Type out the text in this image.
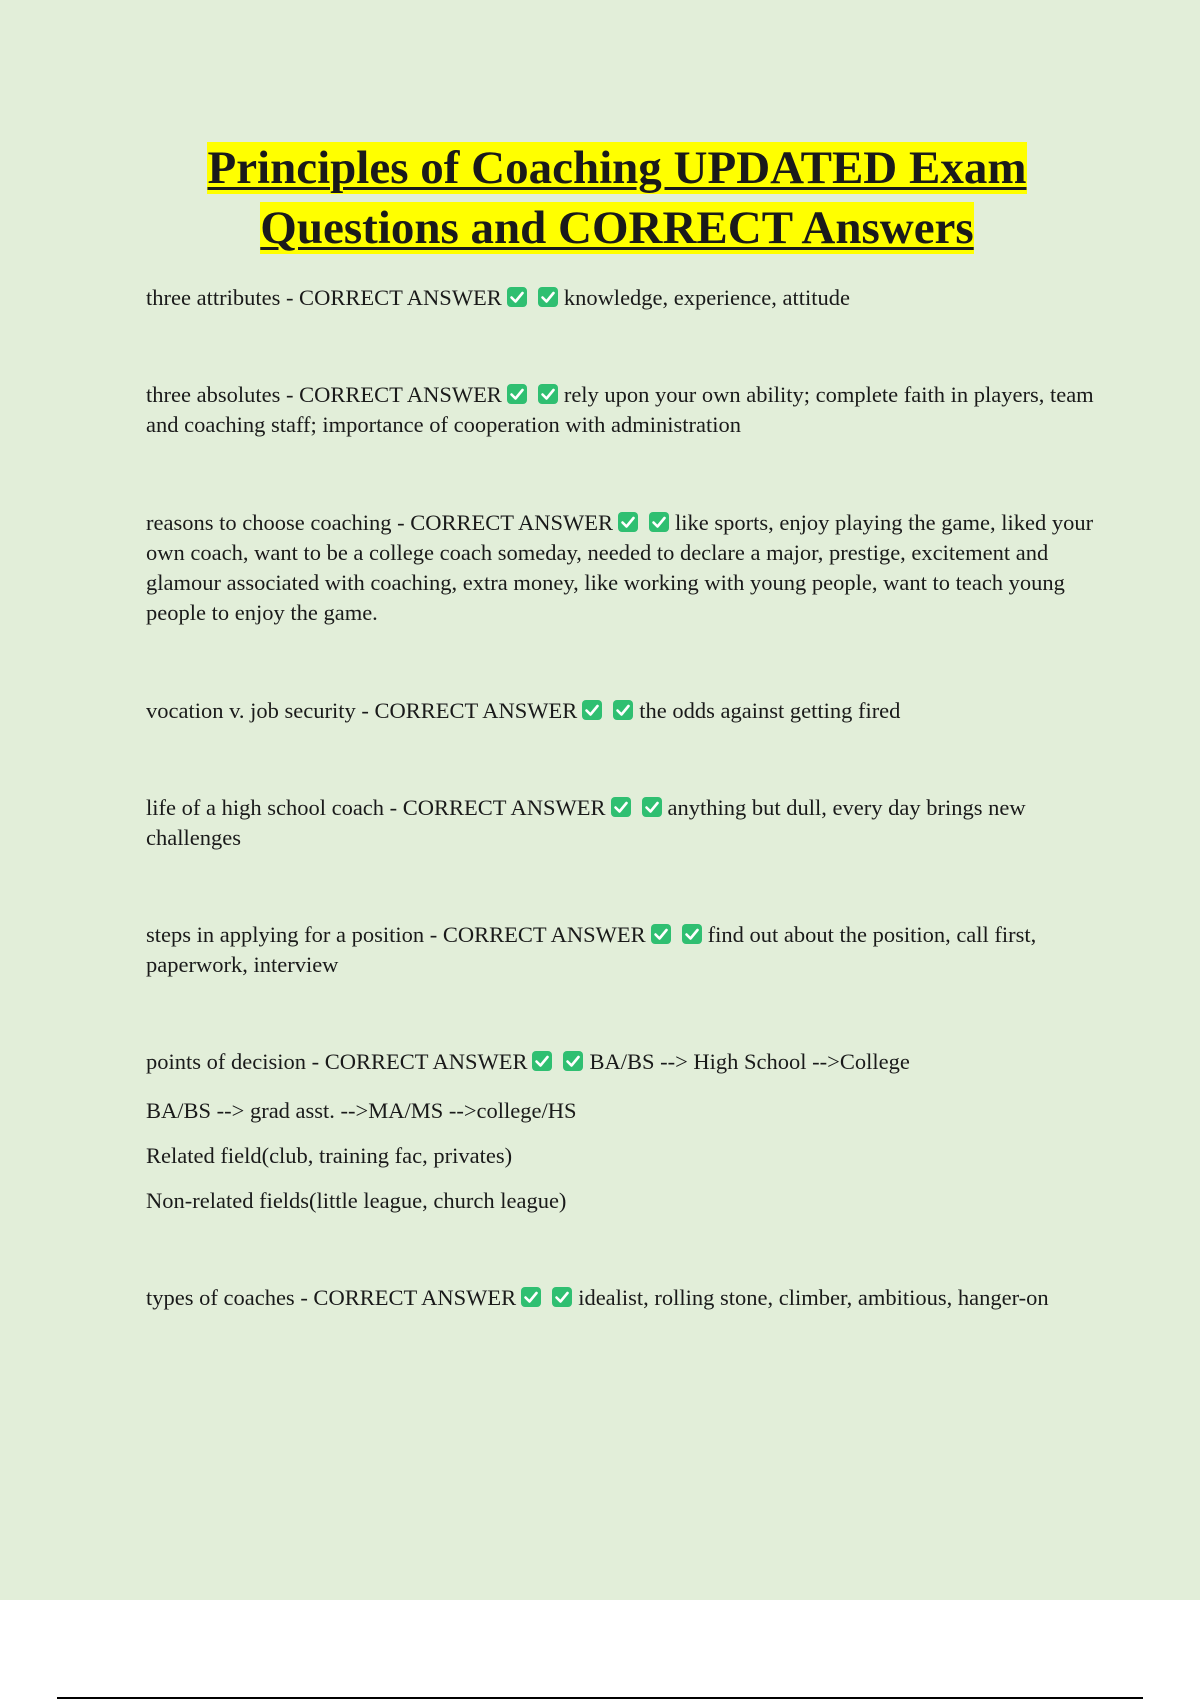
Principles of Coaching UPDATED Exam
Questions and CORRECT Answers

three attributes - CORRECT ANSWER	knowledge, experience, attitude

three absolutes - CORRECT ANSWER	rely upon your own ability; complete faith in players, team and coaching staff; importance of cooperation with administration

reasons to choose coaching - CORRECT ANSWER	like sports, enjoy playing the game, liked your own coach, want to be a college coach someday, needed to declare a major, prestige, excitement and glamour associated with coaching, extra money, like working with young people, want to teach young people to enjoy the game.

vocation v. job security - CORRECT ANSWER	the odds against getting fired

life of a high school coach - CORRECT ANSWER	anything but dull, every day brings new challenges

steps in applying for a position - CORRECT ANSWER	find out about the position, call first, paperwork, interview

points of decision - CORRECT ANSWER	BA/BS --> High School -->College

BA/BS --> grad asst. -->MA/MS -->college/HS

Related field(club, training fac, privates)

Non-related fields(little league, church league)

types of coaches - CORRECT ANSWER	idealist, rolling stone, climber, ambitious, hanger-on
